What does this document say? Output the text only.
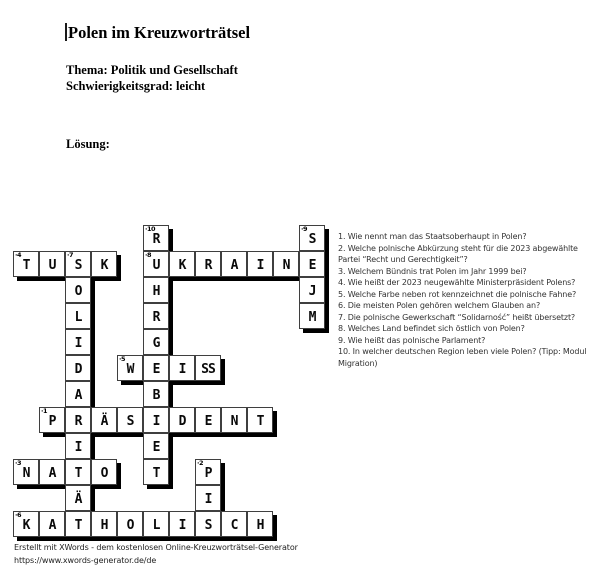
Polen im Kreuzworträtsel
Thema: Politik und Gesellschaft
Schwierigkeitsgrad: leicht
Lösung:
R
·10
S
·9
T
·4
U S
·7
K	U
·8
K R A I N E
O	H	J
L	R	M
I	G
D	W
·5
E I SS
A	B
P
·1
R Ä S I D E N T
I	E
N
·3
A T O	T	P
·2
Ä	I
K
·6
A T H O L I S C H
1. Wie nennt man das Staatsoberhaupt in Polen?
2. Welche polnische Abkürzung steht für die 2023 abgewählte Partei “Recht und Gerechtigkeit”?
3. Welchem Bündnis trat Polen im Jahr 1999 bei?
4. Wie heißt der 2023 neugewählte Ministerpräsident Polens?
5. Welche Farbe neben rot kennzeichnet die polnische Fahne?
6. Die meisten Polen gehören welchem Glauben an?
7. Die polnische Gewerkschaft “Solidarność” heißt übersetzt?
8. Welches Land befindet sich östlich von Polen?
9. Wie heißt das polnische Parlament?
10. In welcher deutschen Region leben viele Polen? (Tipp: Modul Migration)
Erstellt mit XWords - dem kostenlosen Online-Kreuzworträtsel-Generator
https://www.xwords-generator.de/de
